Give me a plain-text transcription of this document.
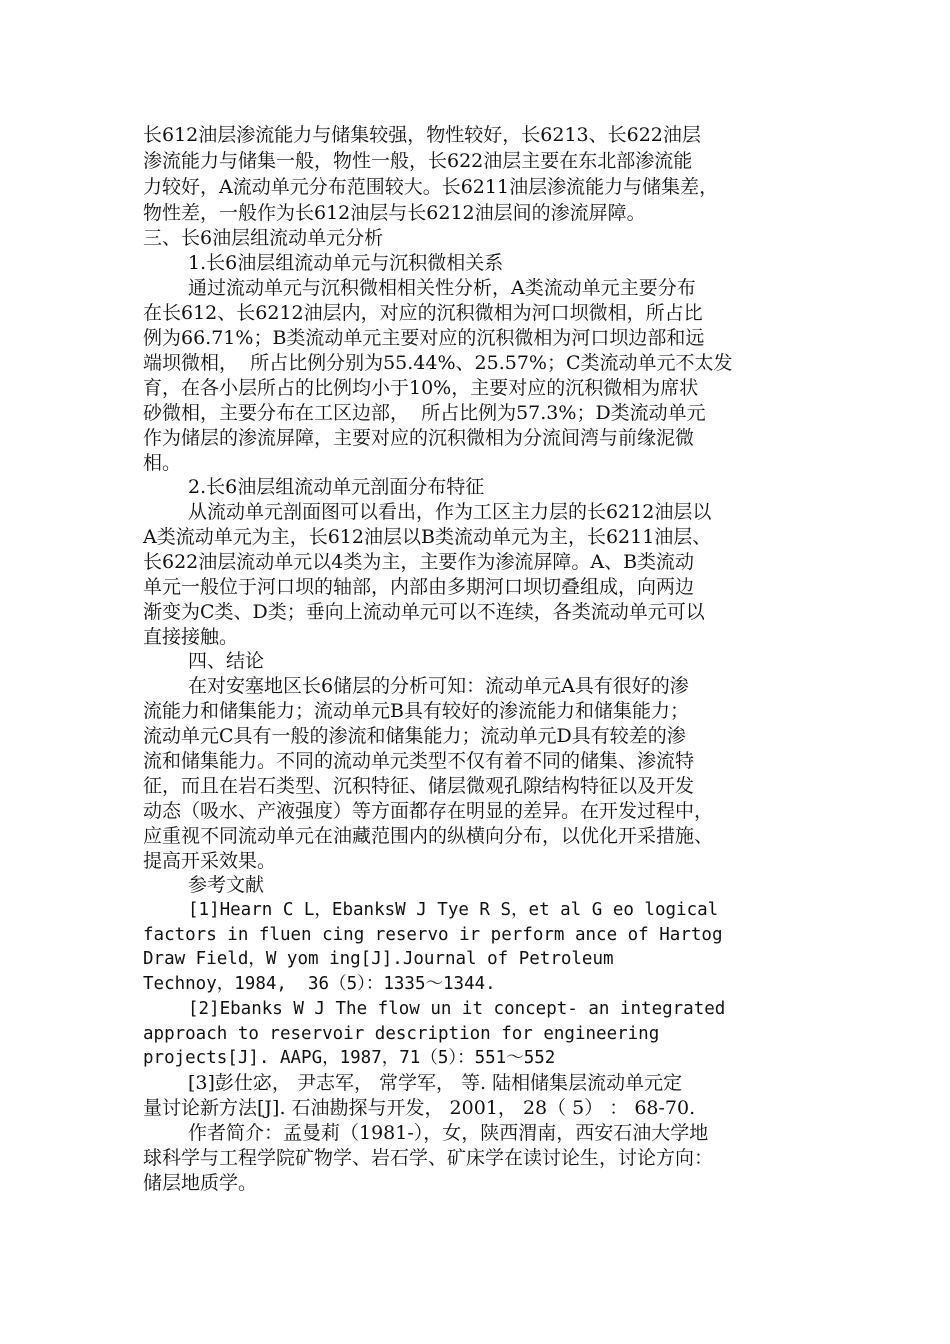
长612油层渗流能力与储集较强，物性较好，长6213、长622油层

渗流能力与储集一般，物性一般，长622油层主要在东北部渗流能

力较好，A流动单元分布范围较大。长6211油层渗流能力与储集差，

物性差，一般作为长612油层与长6212油层间的渗流屏障。

三、长6油层组流动单元分析

1.长6油层组流动单元与沉积微相关系

通过流动单元与沉积微相相关性分析，A类流动单元主要分布

在长612、长6212油层内，对应的沉积微相为河口坝微相，所占比

例为66.71%；B类流动单元主要对应的沉积微相为河口坝边部和远

端坝微相，  所占比例分别为55.44%、25.57%；C类流动单元不太发

育，在各小层所占的比例均小于10%，主要对应的沉积微相为席状

砂微相，主要分布在工区边部，  所占比例为57.3%；D类流动单元

作为储层的渗流屏障，主要对应的沉积微相为分流间湾与前缘泥微

相。

2.长6油层组流动单元剖面分布特征

从流动单元剖面图可以看出，作为工区主力层的长6212油层以

A类流动单元为主，长612油层以B类流动单元为主，长6211油层、

长622油层流动单元以4类为主，主要作为渗流屏障。A、B类流动

单元一般位于河口坝的轴部，内部由多期河口坝切叠组成，向两边

渐变为C类、D类；垂向上流动单元可以不连续，各类流动单元可以

直接接触。

四、结论

在对安塞地区长6储层的分析可知：流动单元A具有很好的渗

流能力和储集能力；流动单元B具有较好的渗流能力和储集能力；

流动单元C具有一般的渗流和储集能力；流动单元D具有较差的渗

流和储集能力。不同的流动单元类型不仅有着不同的储集、渗流特

征，而且在岩石类型、沉积特征、储层微观孔隙结构特征以及开发

动态（吸水、产液强度）等方面都存在明显的差异。在开发过程中，

应重视不同流动单元在油藏范围内的纵横向分布，以优化开采措施、

提高开采效果。

参考文献

[1]Hearn C L，EbanksW J Tye R S，et al G eo logical

factors in fluen cing reservo ir perform ance of Hartog

Draw Field，W yom ing[J].Journal of Petroleum

Technoy，1984,  36（5）：1335～1344.

[2]Ebanks W J The flow un it concept- an integrated

approach to reservoir description for engineering

projects[J]. AAPG，1987，71（5）：551～552

[3]彭仕宓， 尹志军， 常学军， 等. 陆相储集层流动单元定

量讨论新方法[J]. 石油勘探与开发， 2001， 28（ 5） ： 68-70.

作者简介：孟曼莉（1981-），女，陕西渭南，西安石油大学地

球科学与工程学院矿物学、岩石学、矿床学在读讨论生，讨论方向：

储层地质学。
